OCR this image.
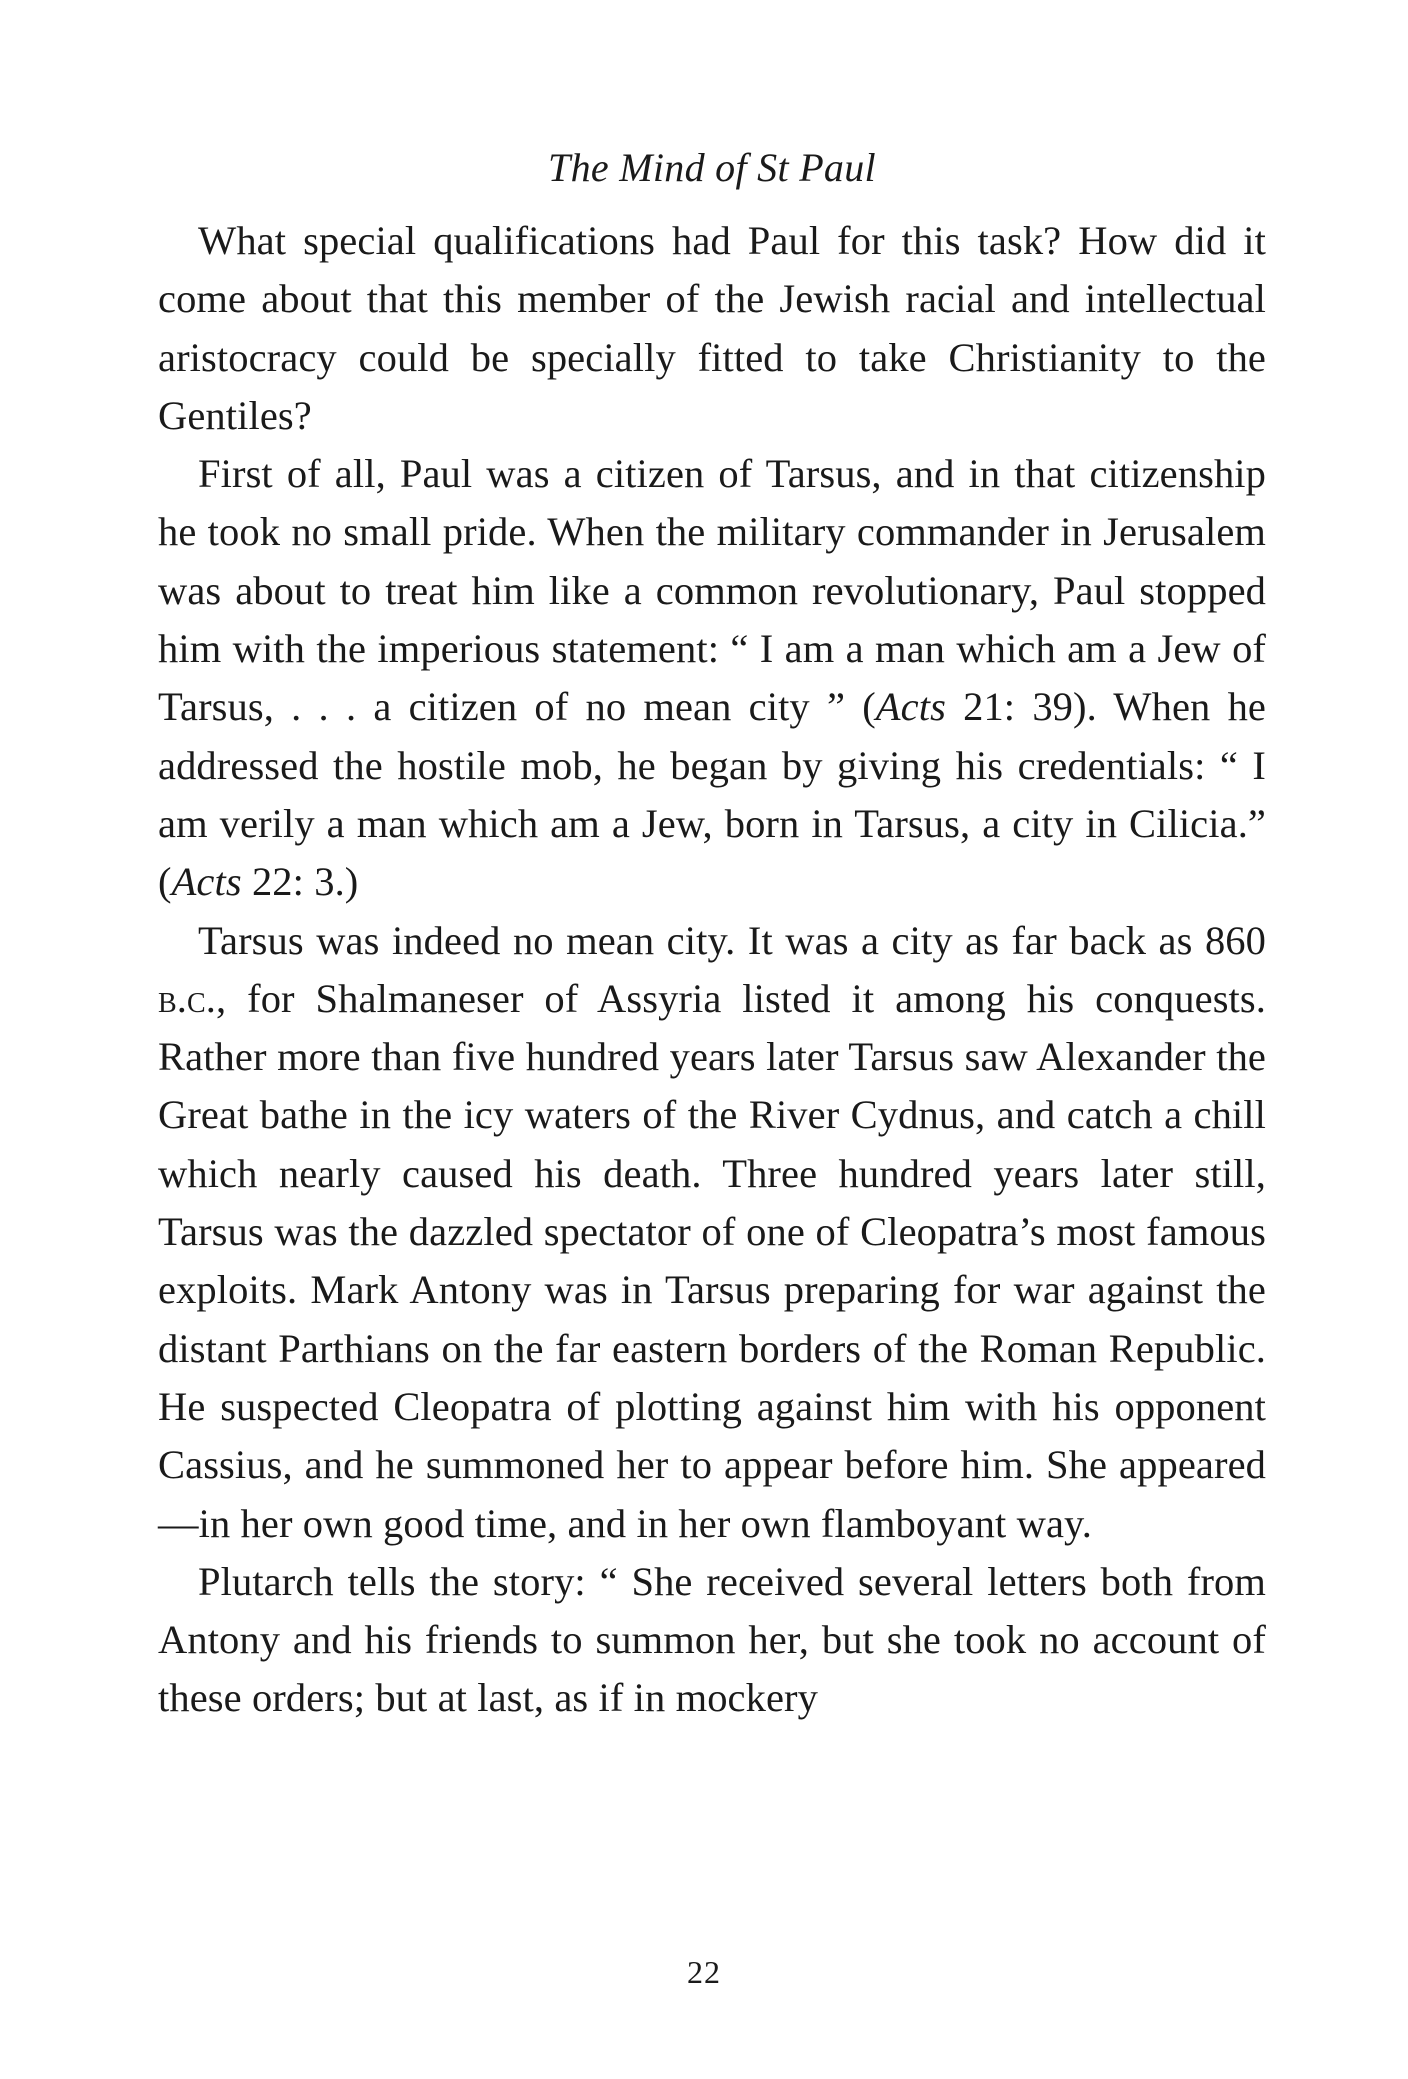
The Mind of St Paul

What special qualifications had Paul for this task? How did it come about that this member of the Jewish racial and intellectual aristocracy could be specially fitted to take Christianity to the Gentiles?

First of all, Paul was a citizen of Tarsus, and in that citizenship he took no small pride. When the military commander in Jerusalem was about to treat him like a common revolutionary, Paul stopped him with the imperious statement: “ I am a man which am a Jew of Tarsus, . . . a citizen of no mean city ” (Acts 21: 39). When he addressed the hostile mob, he began by giving his credentials: “ I am verily a man which am a Jew, born in Tarsus, a city in Cilicia.” (Acts 22: 3.)

Tarsus was indeed no mean city. It was a city as far back as 860 b.c., for Shalmaneser of Assyria listed it among his conquests. Rather more than five hundred years later Tarsus saw Alexander the Great bathe in the icy waters of the River Cydnus, and catch a chill which nearly caused his death. Three hundred years later still, Tarsus was the dazzled spectator of one of Cleopatra’s most famous exploits. Mark Antony was in Tarsus preparing for war against the distant Parthians on the far eastern borders of the Roman Republic. He suspected Cleopatra of plotting against him with his opponent Cassius, and he summoned her to appear before him. She appeared—in her own good time, and in her own flamboyant way.

Plutarch tells the story: “ She received several letters both from Antony and his friends to summon her, but she took no account of these orders; but at last, as if in mockery

22
